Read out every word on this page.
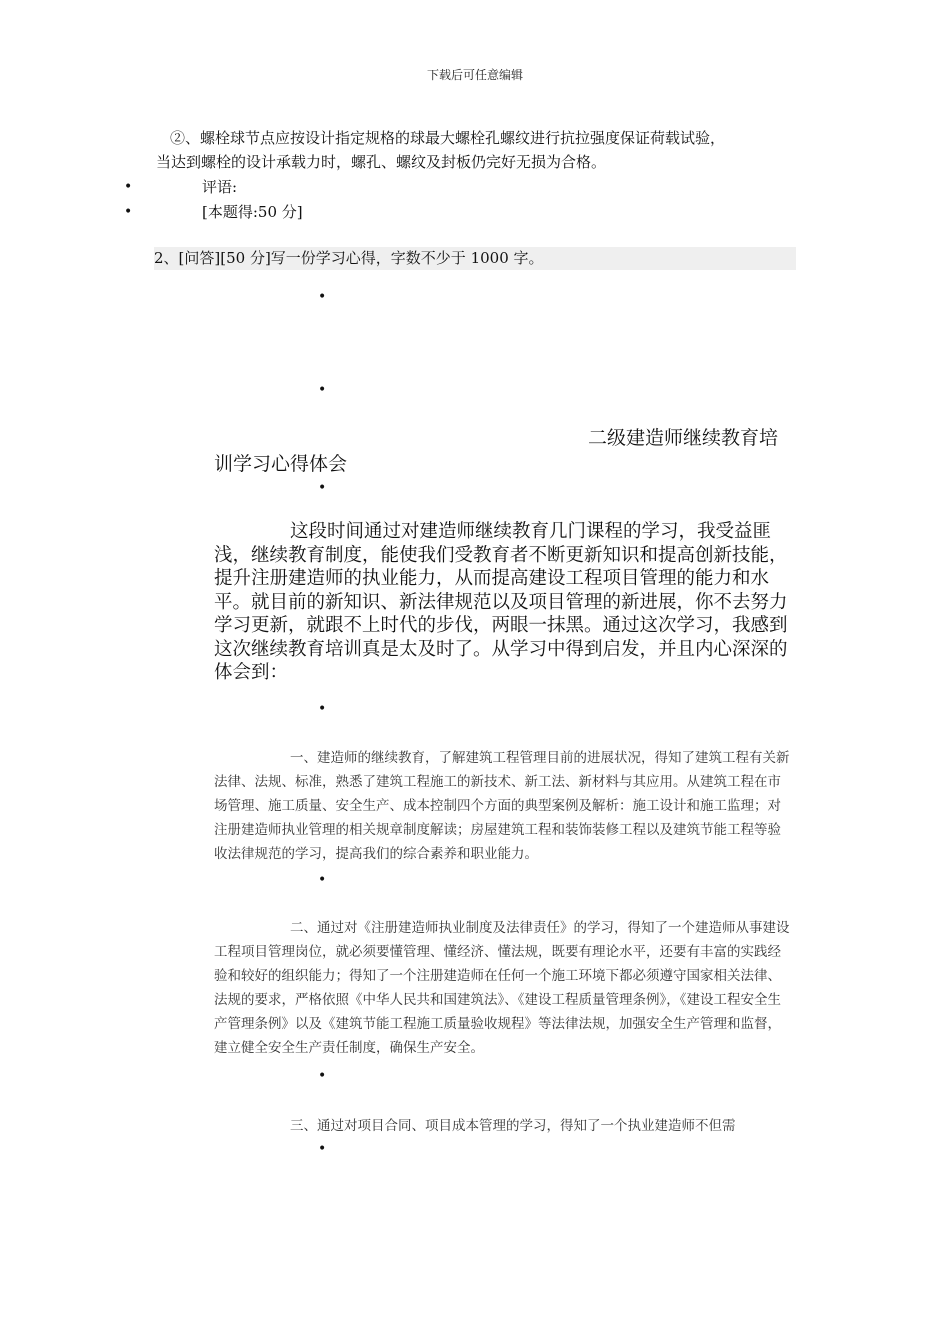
下载后可任意编辑
②、螺栓球节点应按设计指定规格的球最大螺栓孔螺纹进行抗拉强度保证荷载试验，
当达到螺栓的设计承载力时，螺孔、螺纹及封板仍完好无损为合格。
•	评语:
•	[本题得:50 分]
2、[问答][50 分]写一份学习心得，字数不少于 1000 字。
•
•
二级建造师继续教育培
训学习心得体会
•
这段时间通过对建造师继续教育几门课程的学习，我受益匪浅，继续教育制度，能使我们受教育者不断更新知识和提高创新技能，提升注册建造师的执业能力，从而提高建设工程项目管理的能力和水平。就目前的新知识、新法律规范以及项目管理的新进展，你不去努力学习更新，就跟不上时代的步伐，两眼一抹黑。通过这次学习，我感到这次继续教育培训真是太及时了。从学习中得到启发，并且内心深深的体会到：
•
一、建造师的继续教育，了解建筑工程管理目前的进展状况，得知了建筑工程有关新法律、法规、标准，熟悉了建筑工程施工的新技术、新工法、新材料与其应用。从建筑工程在市场管理、施工质量、安全生产、成本控制四个方面的典型案例及解析：施工设计和施工监理；对注册建造师执业管理的相关规章制度解读；房屋建筑工程和装饰装修工程以及建筑节能工程等验收法律规范的学习，提高我们的综合素养和职业能力。
•
二、通过对《注册建造师执业制度及法律责任》的学习，得知了一个建造师从事建设工程项目管理岗位，就必须要懂管理、懂经济、懂法规，既要有理论水平，还要有丰富的实践经验和较好的组织能力；得知了一个注册建造师在任何一个施工环境下都必须遵守国家相关法律、法规的要求，严格依照《中华人民共和国建筑法》、《建设工程质量管理条例》，《建设工程安全生产管理条例》以及《建筑节能工程施工质量验收规程》等法律法规，加强安全生产管理和监督，建立健全安全生产责任制度，确保生产安全。
•
三、通过对项目合同、项目成本管理的学习，得知了一个执业建造师不但需
•
